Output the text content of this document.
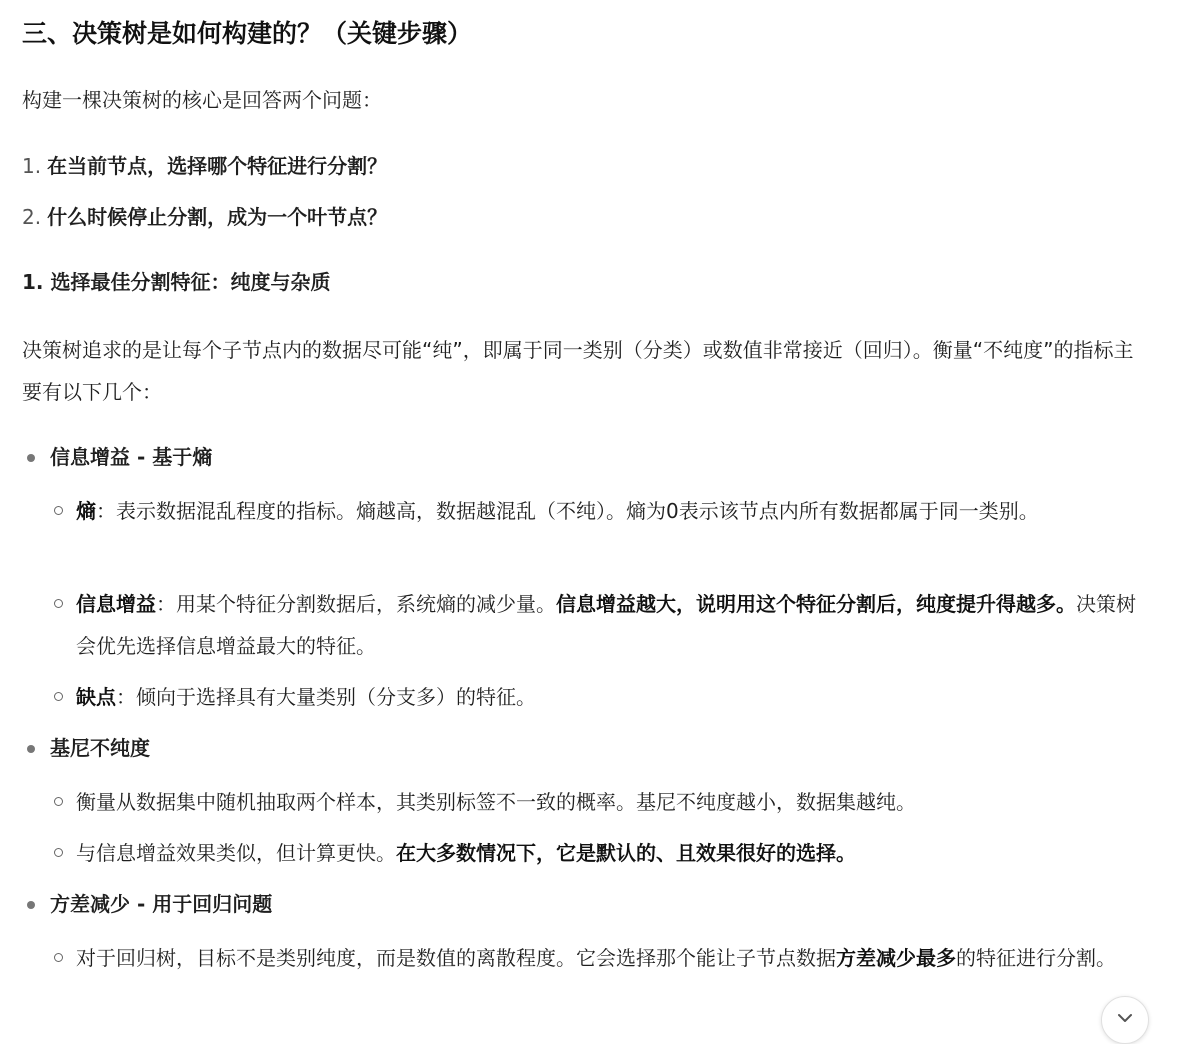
三、决策树是如何构建的？（关键步骤）

构建一棵决策树的核心是回答两个问题：

1. 在当前节点，选择哪个特征进行分割？
2. 什么时候停止分割，成为一个叶节点？
1. 选择最佳分割特征：纯度与杂质

决策树追求的是让每个子节点内的数据尽可能“纯”，即属于同一类别（分类）或数值非常接近（回归）。衡量“不纯度”的指标主要有以下几个：

信息增益 - 基于熵
熵：表示数据混乱程度的指标。熵越高，数据越混乱（不纯）。熵为0表示该节点内所有数据都属于同一类别。
信息增益：用某个特征分割数据后，系统熵的减少量。信息增益越大，说明用这个特征分割后，纯度提升得越多。决策树会优先选择信息增益最大的特征。
缺点：倾向于选择具有大量类别（分支多）的特征。
基尼不纯度
衡量从数据集中随机抽取两个样本，其类别标签不一致的概率。基尼不纯度越小，数据集越纯。
与信息增益效果类似，但计算更快。在大多数情况下，它是默认的、且效果很好的选择。
方差减少 - 用于回归问题
对于回归树，目标不是类别纯度，而是数值的离散程度。它会选择那个能让子节点数据方差减少最多的特征进行分割。
